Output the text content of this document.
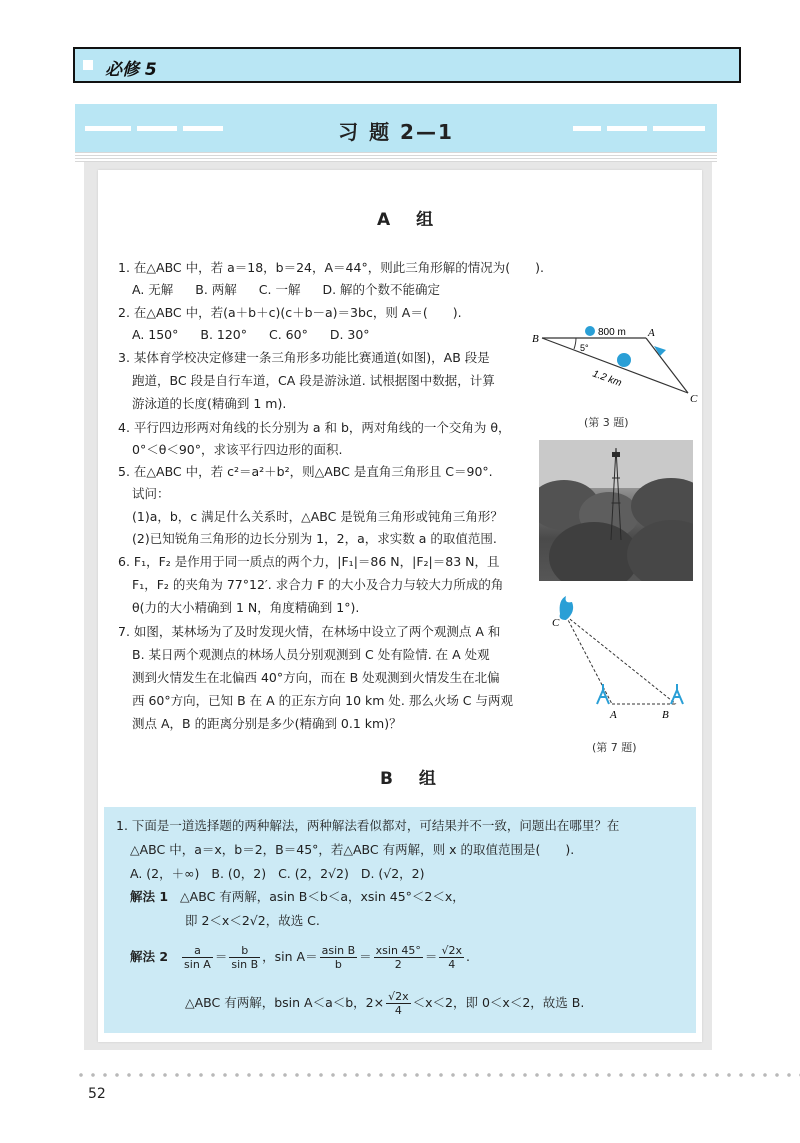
必修 5
习 题 2—1
A 组
1. 在△ABC 中，若 a＝18，b＝24，A＝44°，则此三角形解的情况为(　　).
A. 无解 B. 两解 C. 一解 D. 解的个数不能确定
2. 在△ABC 中，若(a＋b＋c)(c＋b－a)＝3bc，则 A＝(　　).
A. 150° B. 120° C. 60° D. 30°
3. 某体育学校决定修建一条三角形多功能比赛通道(如图)，AB 段是
跑道，BC 段是自行车道，CA 段是游泳道. 试根据图中数据，计算
游泳道的长度(精确到 1 m).
4. 平行四边形两对角线的长分别为 a 和 b，两对角线的一个交角为 θ，
0°＜θ＜90°，求该平行四边形的面积.
5. 在△ABC 中，若 c²＝a²＋b²，则△ABC 是直角三角形且 C＝90°.
试问：
(1)a，b，c 满足什么关系时，△ABC 是锐角三角形或钝角三角形？
(2)已知锐角三角形的边长分别为 1，2，a，求实数 a 的取值范围.
6. F₁，F₂ 是作用于同一质点的两个力，|F₁|＝86 N，|F₂|＝83 N，且
F₁，F₂ 的夹角为 77°12′. 求合力 F 的大小及合力与较大力所成的角
θ(力的大小精确到 1 N，角度精确到 1°).
7. 如图，某林场为了及时发现火情，在林场中设立了两个观测点 A 和
B. 某日两个观测点的林场人员分别观测到 C 处有险情. 在 A 处观
测到火情发生在北偏西 40°方向，而在 B 处观测到火情发生在北偏
西 60°方向，已知 B 在 A 的正东方向 10 km 处. 那么火场 C 与两观
测点 A，B 的距离分别是多少(精确到 0.1 km)？
B	A
C
800 m
5°
1.2 km
(第 3 题)
C
A	B
(第 7 题)
B 组
1. 下面是一道选择题的两种解法，两种解法看似都对，可结果并不一致，问题出在哪里？在
△ABC 中，a＝x，b＝2，B＝45°，若△ABC 有两解，则 x 的取值范围是(　　).
A. (2，＋∞) B. (0，2) C. (2，2√2) D. (√2，2)
解法 1 △ABC 有两解，asin B＜b＜a，xsin 45°＜2＜x，
即 2＜x＜2√2，故选 C.
解法 $2 \frac{a}{\text{sin A}} = \frac{b}{\text{sin B}}$ ，$\sin A= \frac{\text{asin B}}{b} = \frac{xsin 45^\circ}{2} = \frac{√2x}{4}$ .
△ABC 有两解，bsin A＜a＜b，$2\times \frac{√2x}{4} <x<2$，即 0＜x＜2，故选 B.
52
